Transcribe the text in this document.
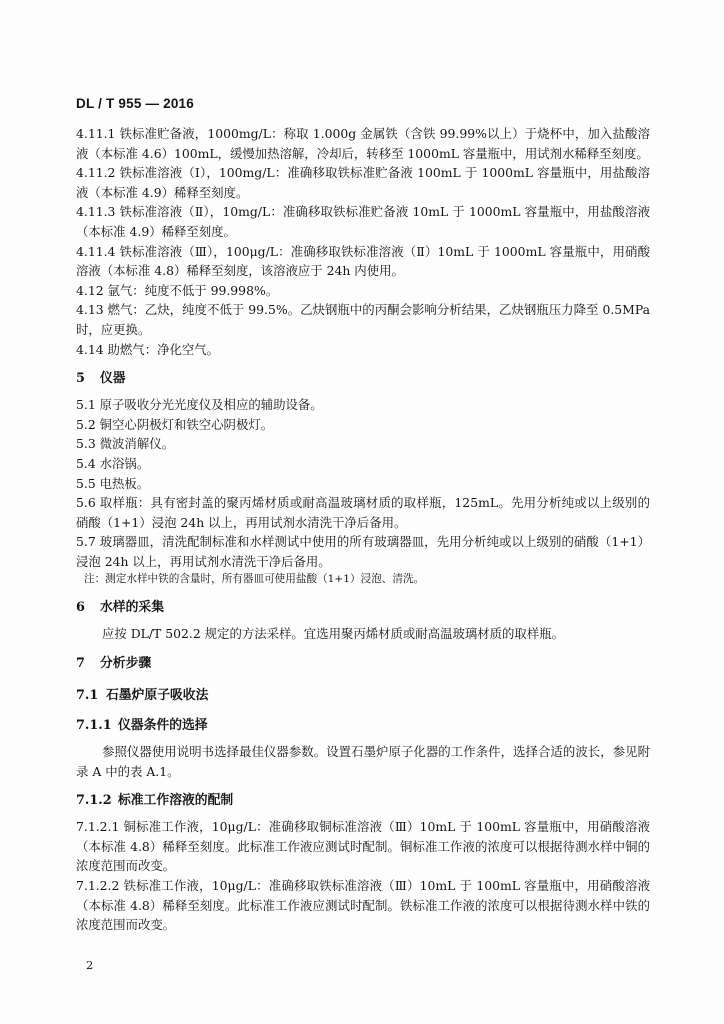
DL / T 955 — 2016

4.11.1 铁标准贮备液，1000mg/L：称取 1.000g 金属铁（含铁 99.99%以上）于烧杯中，加入盐酸溶液（本标准 4.6）100mL，缓慢加热溶解，冷却后，转移至 1000mL 容量瓶中，用试剂水稀释至刻度。

4.11.2 铁标准溶液（Ⅰ），100mg/L：准确移取铁标准贮备液 100mL 于 1000mL 容量瓶中，用盐酸溶液（本标准 4.9）稀释至刻度。

4.11.3 铁标准溶液（Ⅱ），10mg/L：准确移取铁标准贮备液 10mL 于 1000mL 容量瓶中，用盐酸溶液（本标准 4.9）稀释至刻度。

4.11.4 铁标准溶液（Ⅲ），100μg/L：准确移取铁标准溶液（Ⅱ）10mL 于 1000mL 容量瓶中，用硝酸溶液（本标准 4.8）稀释至刻度，该溶液应于 24h 内使用。

4.12 氩气：纯度不低于 99.998%。

4.13 燃气：乙炔，纯度不低于 99.5%。乙炔钢瓶中的丙酮会影响分析结果，乙炔钢瓶压力降至 0.5MPa 时，应更换。

4.14 助燃气：净化空气。

5 仪器

5.1 原子吸收分光光度仪及相应的辅助设备。

5.2 铜空心阴极灯和铁空心阴极灯。

5.3 微波消解仪。

5.4 水浴锅。

5.5 电热板。

5.6 取样瓶：具有密封盖的聚丙烯材质或耐高温玻璃材质的取样瓶，125mL。先用分析纯或以上级别的硝酸（1+1）浸泡 24h 以上，再用试剂水清洗干净后备用。

5.7 玻璃器皿，清洗配制标准和水样测试中使用的所有玻璃器皿，先用分析纯或以上级别的硝酸（1+1）浸泡 24h 以上，再用试剂水清洗干净后备用。

注：测定水样中铁的含量时，所有器皿可使用盐酸（1+1）浸泡、清洗。

6 水样的采集

应按 DL/T 502.2 规定的方法采样。宜选用聚丙烯材质或耐高温玻璃材质的取样瓶。

7 分析步骤
7.1 石墨炉原子吸收法
7.1.1 仪器条件的选择

参照仪器使用说明书选择最佳仪器参数。设置石墨炉原子化器的工作条件，选择合适的波长，参见附录 A 中的表 A.1。

7.1.2 标准工作溶液的配制

7.1.2.1 铜标准工作液，10μg/L：准确移取铜标准溶液（Ⅲ）10mL 于 100mL 容量瓶中，用硝酸溶液（本标准 4.8）稀释至刻度。此标准工作液应测试时配制。铜标准工作液的浓度可以根据待测水样中铜的浓度范围而改变。

7.1.2.2 铁标准工作液，10μg/L：准确移取铁标准溶液（Ⅲ）10mL 于 100mL 容量瓶中，用硝酸溶液（本标准 4.8）稀释至刻度。此标准工作液应测试时配制。铁标准工作液的浓度可以根据待测水样中铁的浓度范围而改变。

2
